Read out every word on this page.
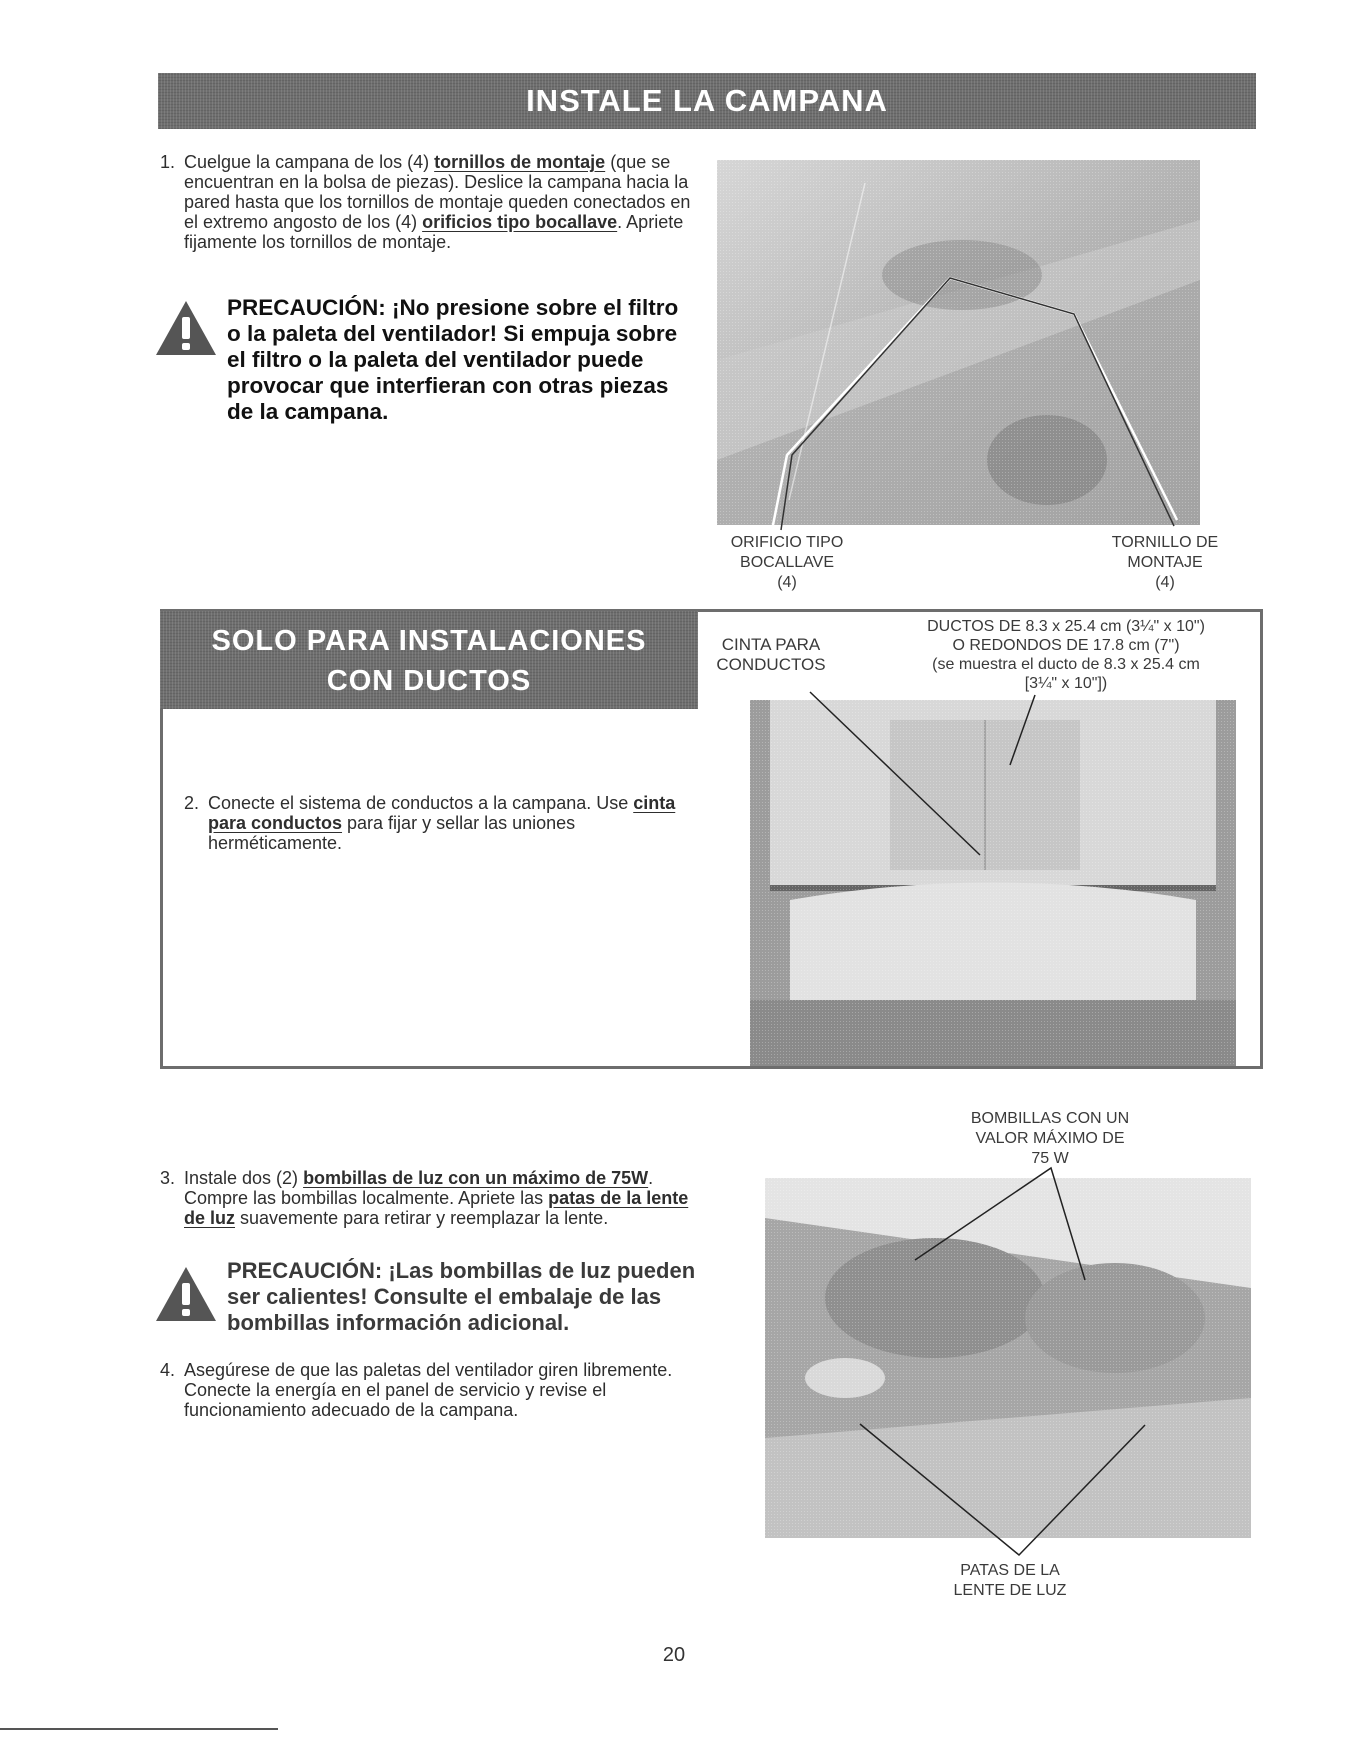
INSTALE LA CAMPANA
1. Cuelgue la campana de los (4) tornillos de montaje (que se encuentran en la bolsa de piezas). Deslice la campana hacia la pared hasta que los tornillos de montaje queden conectados en el extremo angosto de los (4) orificios tipo bocallave. Apriete fijamente los tornillos de montaje.
PRECAUCIÓN: ¡No presione sobre el filtro o la paleta del ventilador! Si empuja sobre el filtro o la paleta del ventilador puede provocar que interfieran con otras piezas de la campana.
ORIFICIO TIPO
BOCALLAVE
(4)
TORNILLO DE
MONTAJE
(4)
SOLO PARA INSTALACIONES
CON DUCTOS
CINTA PARA
CONDUCTOS
DUCTOS DE 8.3 x 25.4 cm (3¼" x 10")
O REDONDOS DE 17.8 cm (7")
(se muestra el ducto de 8.3 x 25.4 cm
[3¼" x 10"])
2. Conecte el sistema de conductos a la campana. Use cinta para conductos para fijar y sellar las uniones herméticamente.
3. Instale dos (2) bombillas de luz con un máximo de 75W. Compre las bombillas localmente. Apriete las patas de la lente de luz suavemente para retirar y reemplazar la lente.
PRECAUCIÓN: ¡Las bombillas de luz pueden ser calientes! Consulte el embalaje de las bombillas información adicional.
4. Asegúrese de que las paletas del ventilador giren libremente. Conecte la energía en el panel de servicio y revise el funcionamiento adecuado de la campana.
BOMBILLAS CON UN
VALOR MÁXIMO DE
75 W
PATAS DE LA
LENTE DE LUZ
20
